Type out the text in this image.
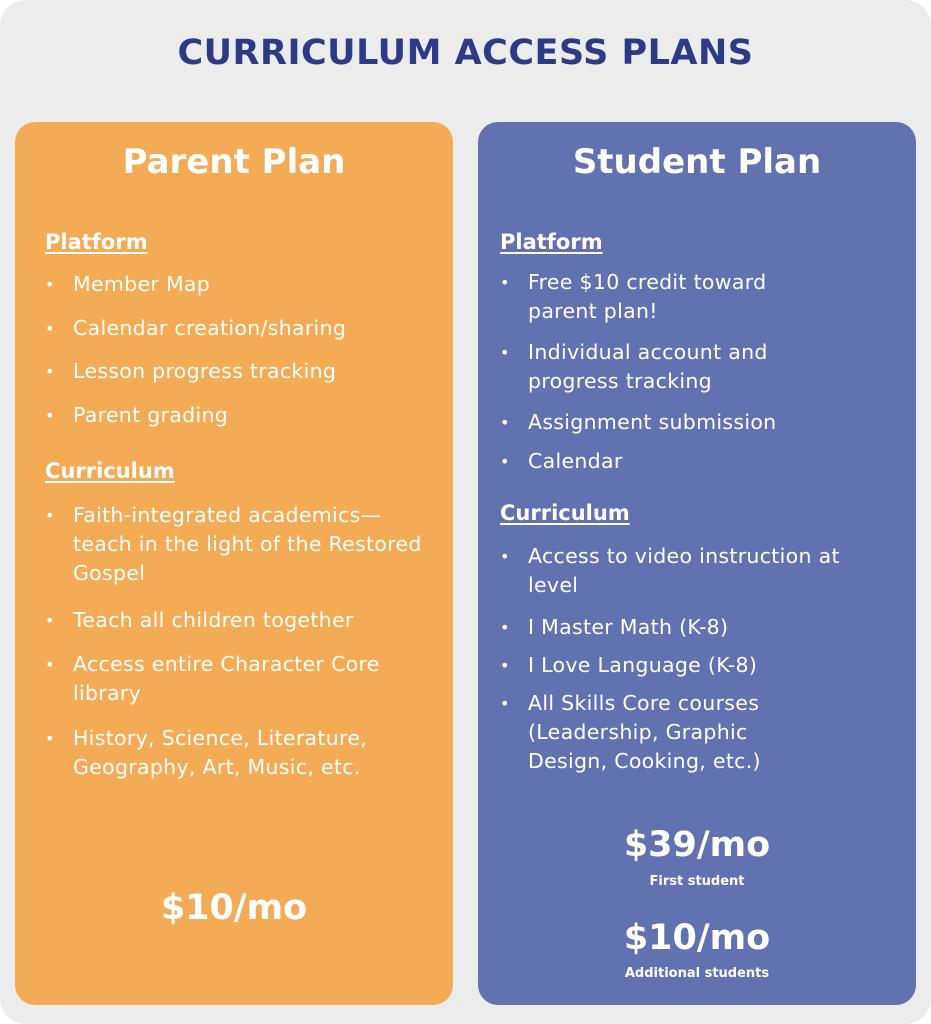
CURRICULUM ACCESS PLANS
Parent Plan
Platform
• Member Map
• Calendar creation/sharing
• Lesson progress tracking
• Parent grading
Curriculum
• Faith-integrated academics—teach in the light of the Restored Gospel
• Teach all children together
• Access entire Character Core library
• History, Science, Literature, Geography, Art, Music, etc.
$10/mo
Student Plan
Platform
• Free $10 credit toward parent plan!
• Individual account and progress tracking
• Assignment submission
• Calendar
Curriculum
• Access to video instruction at level
• I Master Math (K-8)
• I Love Language (K-8)
• All Skills Core courses (Leadership, Graphic Design, Cooking, etc.)
$39/mo
First student
$10/mo
Additional students
